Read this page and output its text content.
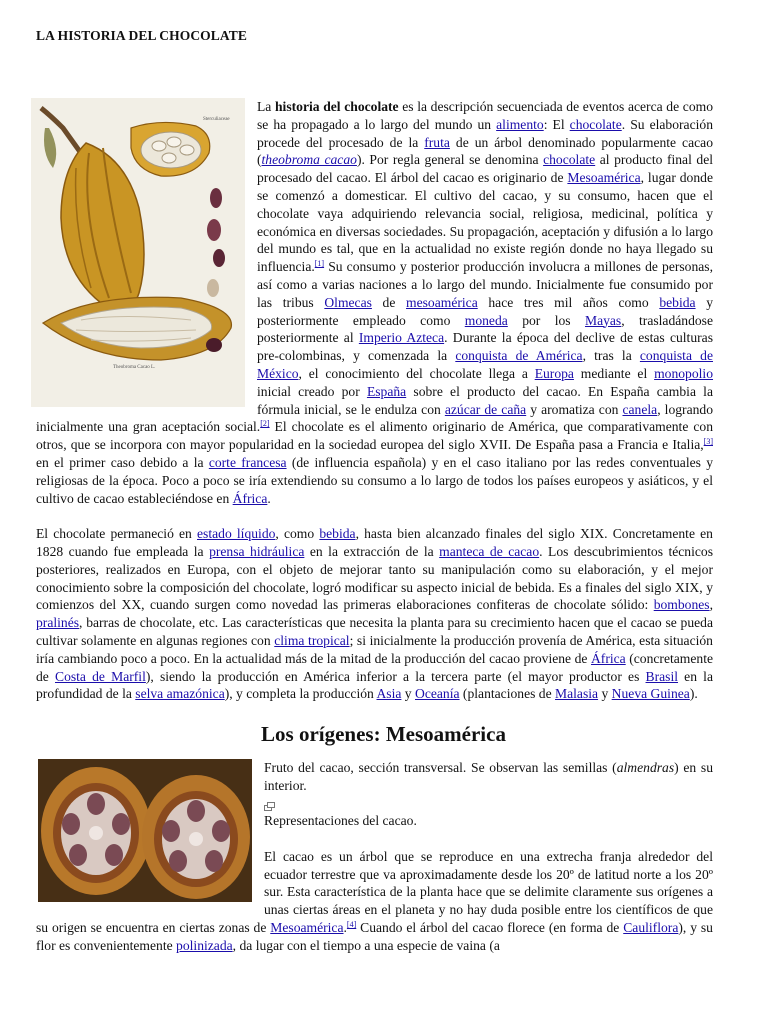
LA HISTORIA DEL CHOCOLATE
Sterculiaceae
Theobroma Cacao L.

La historia del chocolate es la descripción secuenciada de eventos acerca de como se ha propagado a lo largo del mundo un alimento: El chocolate. Su elaboración procede del procesado de la fruta de un árbol denominado popularmente cacao (theobroma cacao). Por regla general se denomina chocolate al producto final del procesado del cacao. El árbol del cacao es originario de Mesoamérica, lugar donde se comenzó a domesticar. El cultivo del cacao, y su consumo, hacen que el chocolate vaya adquiriendo relevancia social, religiosa, medicinal, política y económica en diversas sociedades. Su propagación, aceptación y difusión a lo largo del mundo es tal, que en la actualidad no existe región donde no haya llegado su influencia.[1] Su consumo y posterior producción involucra a millones de personas, así como a varias naciones a lo largo del mundo. Inicialmente fue consumido por las tribus Olmecas de mesoamérica hace tres mil años como bebida y posteriormente empleado como moneda por los Mayas, trasladándose posteriormente al Imperio Azteca. Durante la época del declive de estas culturas pre-colombinas, y comenzada la conquista de América, tras la conquista de México, el conocimiento del chocolate llega a Europa mediante el monopolio inicial creado por España sobre el producto del cacao. En España cambia la fórmula inicial, se le endulza con azúcar de caña y aromatiza con canela, logrando inicialmente una gran aceptación social.[2] El chocolate es el alimento originario de América, que comparativamente con otros, que se incorpora con mayor popularidad en la sociedad europea del siglo XVII. De España pasa a Francia e Italia,[3] en el primer caso debido a la corte francesa (de influencia española) y en el caso italiano por las redes conventuales y religiosas de la época. Poco a poco se iría extendiendo su consumo a lo largo de todos los países europeos y asiáticos, y el cultivo de cacao estableciéndose en África.

El chocolate permaneció en estado líquido, como bebida, hasta bien alcanzado finales del siglo XIX. Concretamente en 1828 cuando fue empleada la prensa hidráulica en la extracción de la manteca de cacao. Los descubrimientos técnicos posteriores, realizados en Europa, con el objeto de mejorar tanto su manipulación como su elaboración, y el mejor conocimiento sobre la composición del chocolate, logró modificar su aspecto inicial de bebida. Es a finales del siglo XIX, y comienzos del XX, cuando surgen como novedad las primeras elaboraciones confiteras de chocolate sólido: bombones, pralinés, barras de chocolate, etc. Las características que necesita la planta para su crecimiento hacen que el cacao se pueda cultivar solamente en algunas regiones con clima tropical; si inicialmente la producción provenía de América, esta situación iría cambiando poco a poco. En la actualidad más de la mitad de la producción del cacao proviene de África (concretamente de Costa de Marfil), siendo la producción en América inferior a la tercera parte (el mayor productor es Brasil en la profundidad de la selva amazónica), y completa la producción Asia y Oceanía (plantaciones de Malasia y Nueva Guinea).

Los orígenes: Mesoamérica

Fruto del cacao, sección transversal. Se observan las semillas (almendras) en su interior.

Representaciones del cacao.

El cacao es un árbol que se reproduce en una extrecha franja alrededor del ecuador terrestre que va aproximadamente desde los 20º de latitud norte a los 20º sur. Esta característica de la planta hace que se delimite claramente sus orígenes a unas ciertas áreas en el planeta y no hay duda posible entre los científicos de que su origen se encuentra en ciertas zonas de Mesoamérica.[4] Cuando el árbol del cacao florece (en forma de Cauliflora), y su flor es convenientemente polinizada, da lugar con el tiempo a una especie de vaina (a
